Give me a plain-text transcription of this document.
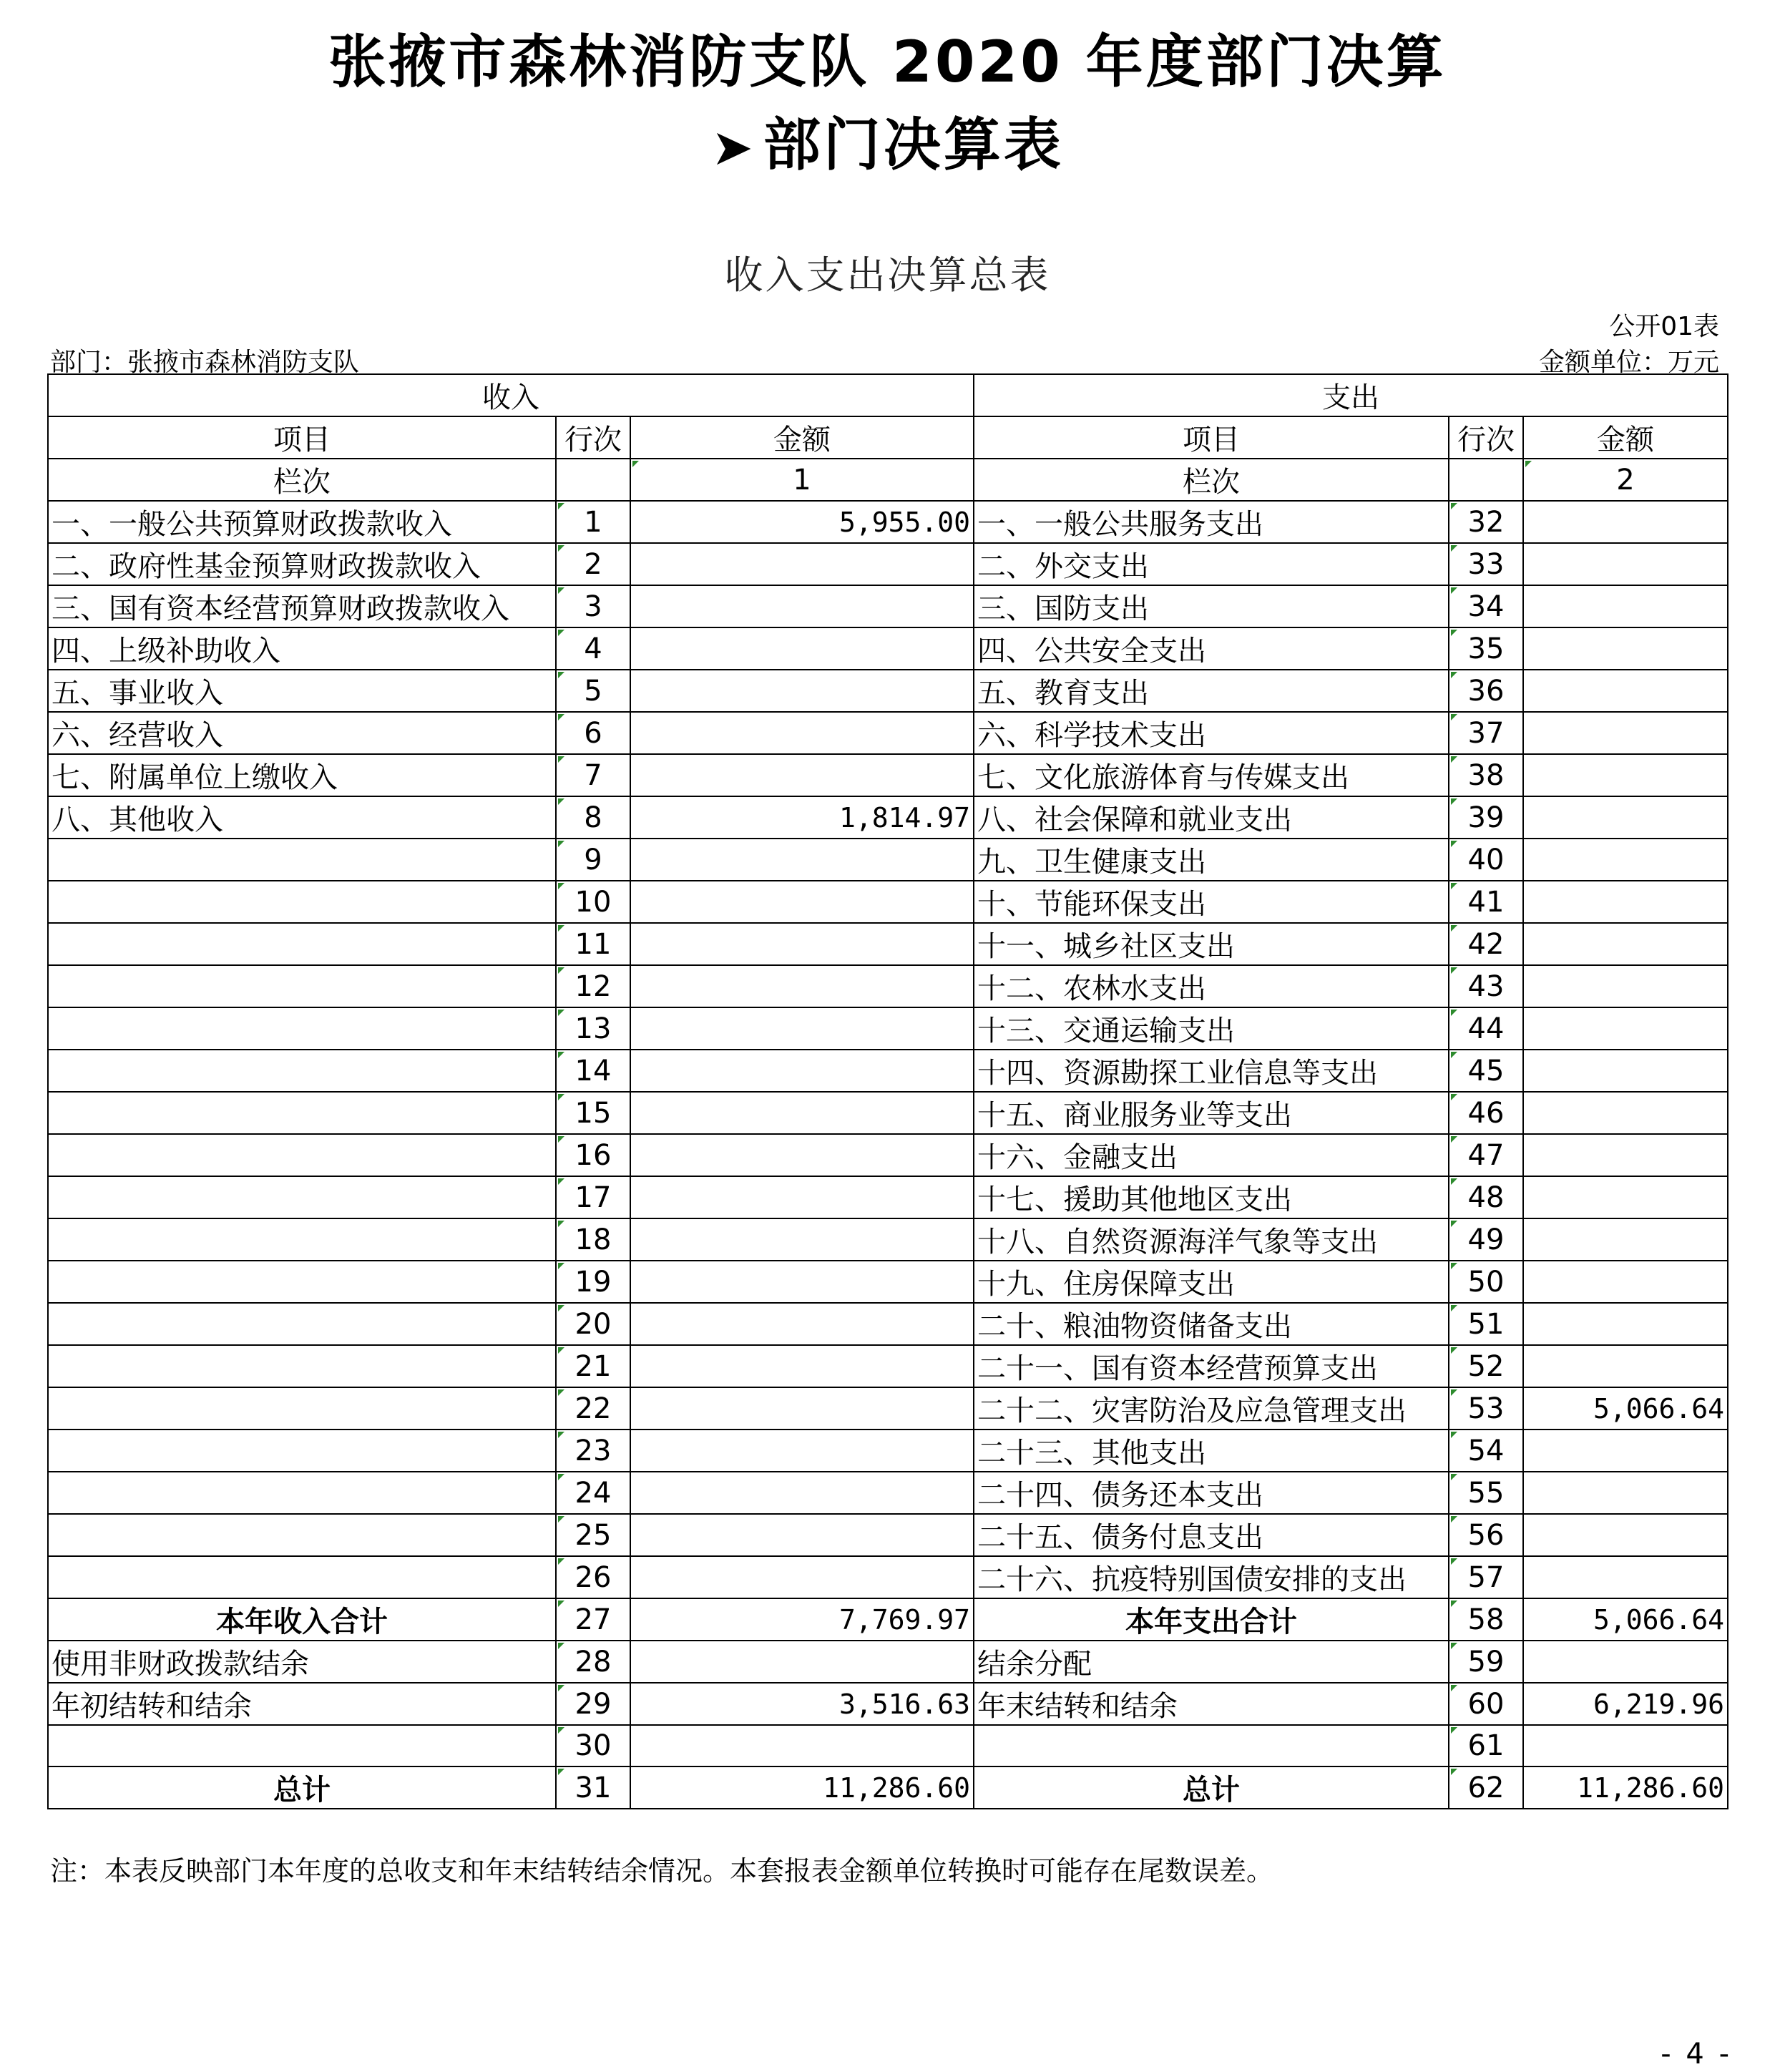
张掖市森林消防支队 2020 年度部门决算
➤ 部门决算表
收入支出决算总表
公开01表
部门：张掖市森林消防支队	金额单位：万元
收入			支出		
项目	行次	金额	项目	行次	金额
栏次		1	栏次		2
一、一般公共预算财政拨款收入	1	5,955.00	一、一般公共服务支出	32	
二、政府性基金预算财政拨款收入	2		二、外交支出	33	
三、国有资本经营预算财政拨款收入	3		三、国防支出	34	
四、上级补助收入	4		四、公共安全支出	35	
五、事业收入	5		五、教育支出	36	
六、经营收入	6		六、科学技术支出	37	
七、附属单位上缴收入	7		七、文化旅游体育与传媒支出	38	
八、其他收入	8	1,814.97	八、社会保障和就业支出	39	
	9		九、卫生健康支出	40	
	10		十、节能环保支出	41	
	11		十一、城乡社区支出	42	
	12		十二、农林水支出	43	
	13		十三、交通运输支出	44	
	14		十四、资源勘探工业信息等支出	45	
	15		十五、商业服务业等支出	46	
	16		十六、金融支出	47	
	17		十七、援助其他地区支出	48	
	18		十八、自然资源海洋气象等支出	49	
	19		十九、住房保障支出	50	
	20		二十、粮油物资储备支出	51	
	21		二十一、国有资本经营预算支出	52	
	22		二十二、灾害防治及应急管理支出	53	5,066.64
	23		二十三、其他支出	54	
	24		二十四、债务还本支出	55	
	25		二十五、债务付息支出	56	
	26		二十六、抗疫特别国债安排的支出	57	
本年收入合计	27	7,769.97	本年支出合计	58	5,066.64
使用非财政拨款结余	28		结余分配	59	
年初结转和结余	29	3,516.63	年末结转和结余	60	6,219.96
	30			61	
总计	31	11,286.60	总计	62	11,286.60
注：本表反映部门本年度的总收支和年末结转结余情况。本套报表金额单位转换时可能存在尾数误差。
- 4 -
